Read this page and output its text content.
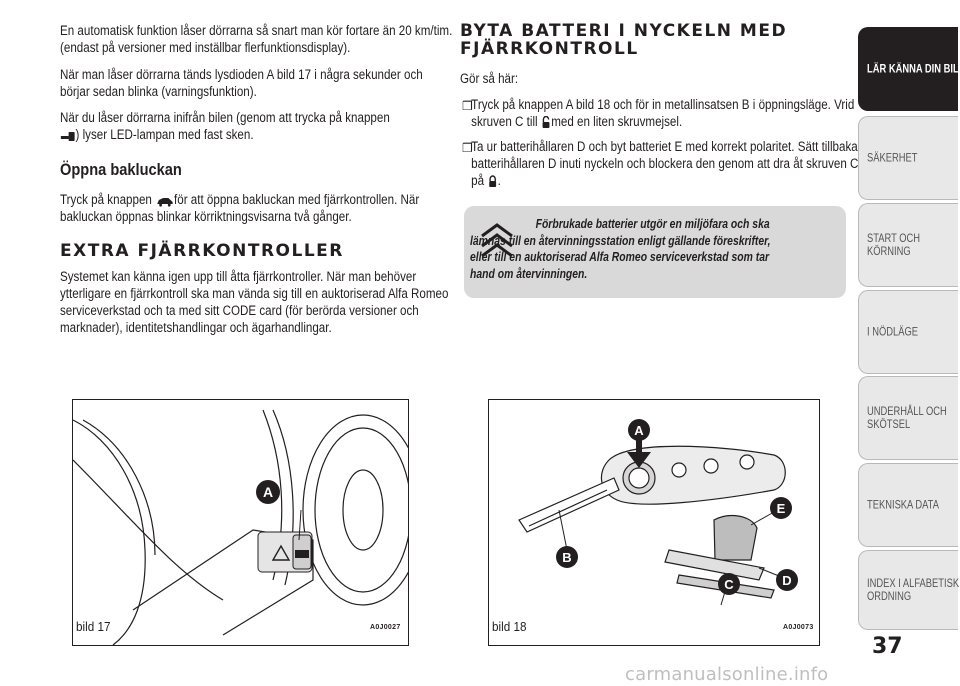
En automatisk funktion låser dörrarna så snart man kör fortare än 20 km/tim. (endast på versioner med inställbar flerfunktionsdisplay).

När man låser dörrarna tänds lysdioden A bild 17 i några sekunder och börjar sedan blinka (varningsfunktion).

När du låser dörrarna inifrån bilen (genom att trycka på knappen
) lyser LED-lampan med fast sken.

Öppna bakluckan

Tryck på knappen för att öppna bakluckan med fjärrkontrollen. När bakluckan öppnas blinkar körriktningsvisarna två gånger.

EXTRA FJÄRRKONTROLLER

Systemet kan känna igen upp till åtta fjärrkontroller. När man behöver ytterligare en fjärrkontroll ska man vända sig till en auktoriserad Alfa Romeo serviceverkstad och ta med sitt CODE card (för berörda versioner och marknader), identitetshandlingar och ägarhandlingar.

BYTA BATTERI I NYCKELN MED
FJÄRRKONTROLL

Gör så här:

❒

Tryck på knappen A bild 18 och för in metallinsatsen B i öppningsläge. Vrid skruven C till med en liten skruvmejsel.

❒

Ta ur batterihållaren D och byt batteriet E med korrekt polaritet. Sätt tillbaka batterihållaren D inuti nyckeln och blockera den genom att dra åt skruven C på .

Förbrukade batterier utgör en miljöfara och ska lämnas till en återvinningsstation enligt gällande föreskrifter, eller till en auktoriserad Alfa Romeo serviceverkstad som tar hand om återvinningen.

A
bild 17	A0J0027
A
B
C	D
E
bild 18	A0J0073
LÄR KÄNNA DIN BIL
SÄKERHET
START OCH KÖRNING
I NÖDLÄGE
UNDERHÅLL OCH SKÖTSEL
TEKNISKA DATA
INDEX I ALFABETISK ORDNING
37
carmanualsonline.info
